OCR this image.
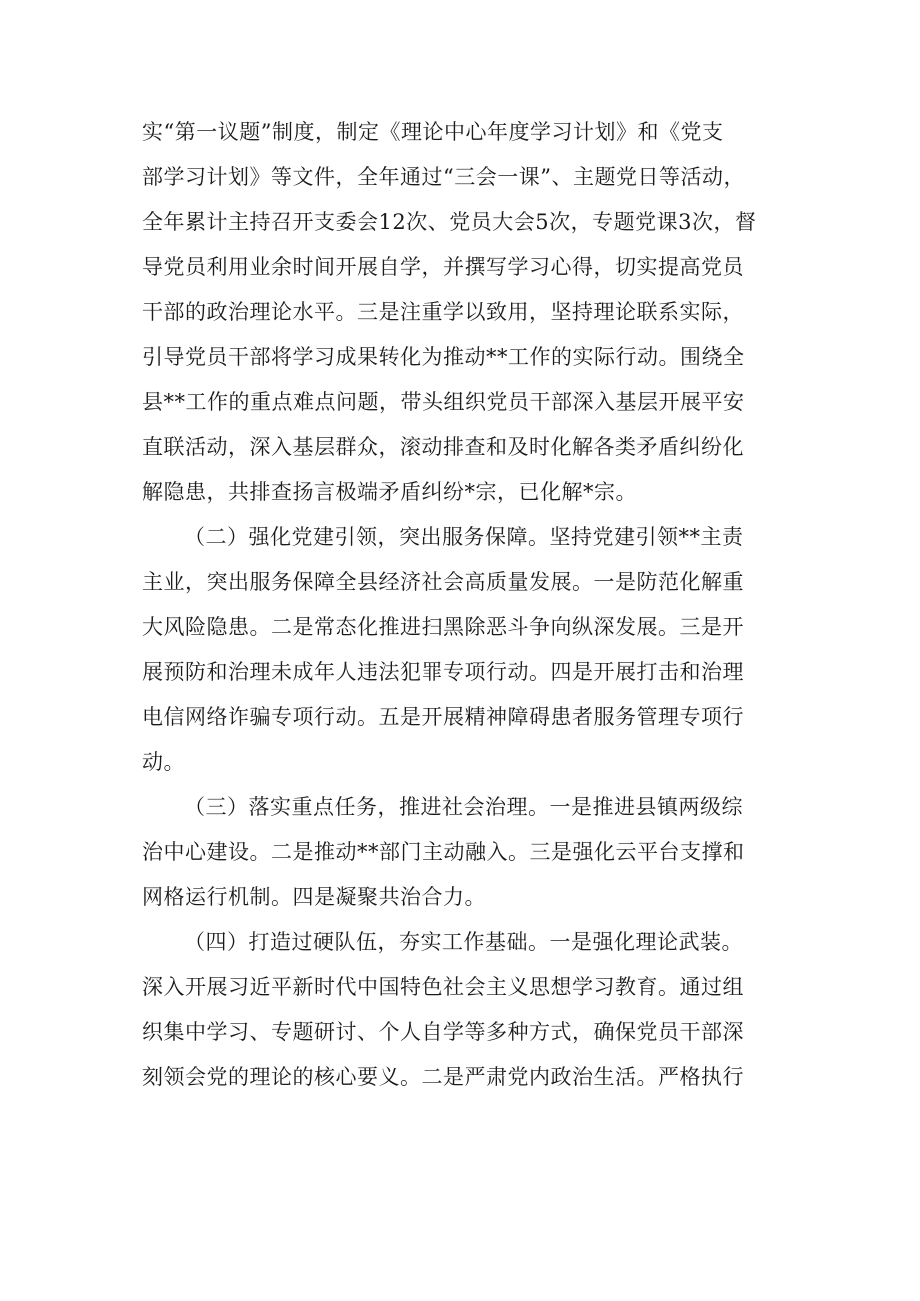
实“第一议题”制度，制定《理论中心年度学习计划》和《党支
部学习计划》等文件，全年通过“三会一课”、主题党日等活动，
全年累计主持召开支委会12次、党员大会5次，专题党课3次，督
导党员利用业余时间开展自学，并撰写学习心得，切实提高党员
干部的政治理论水平。三是注重学以致用，坚持理论联系实际，
引导党员干部将学习成果转化为推动**工作的实际行动。围绕全
县**工作的重点难点问题，带头组织党员干部深入基层开展平安
直联活动，深入基层群众，滚动排查和及时化解各类矛盾纠纷化
解隐患，共排查扬言极端矛盾纠纷*宗，已化解*宗。
（二）强化党建引领，突出服务保障。坚持党建引领**主责
主业，突出服务保障全县经济社会高质量发展。一是防范化解重
大风险隐患。二是常态化推进扫黑除恶斗争向纵深发展。三是开
展预防和治理未成年人违法犯罪专项行动。四是开展打击和治理
电信网络诈骗专项行动。五是开展精神障碍患者服务管理专项行
动。
（三）落实重点任务，推进社会治理。一是推进县镇两级综
治中心建设。二是推动**部门主动融入。三是强化云平台支撑和
网格运行机制。四是凝聚共治合力。
（四）打造过硬队伍，夯实工作基础。一是强化理论武装。
深入开展习近平新时代中国特色社会主义思想学习教育。通过组
织集中学习、专题研讨、个人自学等多种方式，确保党员干部深
刻领会党的理论的核心要义。二是严肃党内政治生活。严格执行
